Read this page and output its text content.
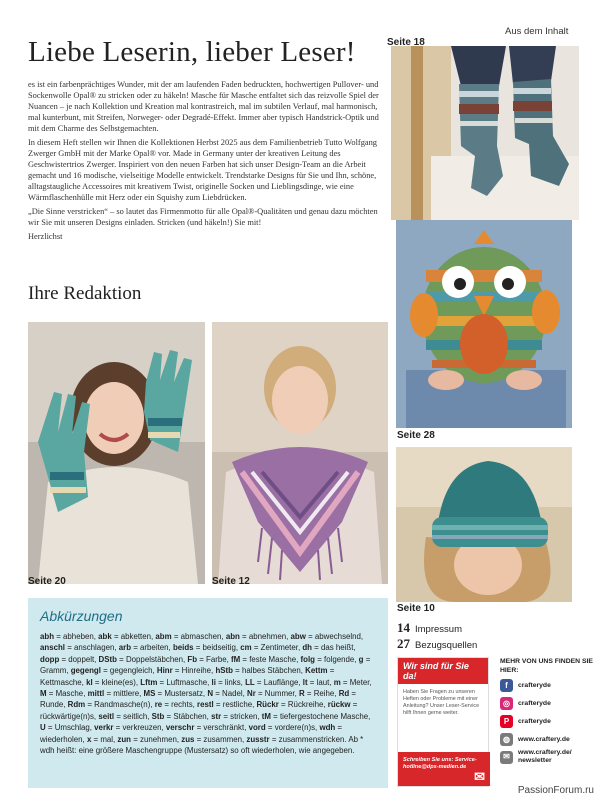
Aus dem Inhalt
Liebe Leserin, lieber Leser!

es ist ein farbenprächtiges Wunder, mit der am laufenden Faden bedruckten, hochwertigen Pullover- und Sockenwolle Opal® zu stricken oder zu häkeln! Masche für Masche entfaltet sich das reizvolle Spiel der Nuancen – je nach Kollektion und Kreation mal kontrastreich, mal im subtilen Verlauf, mal harmonisch, mal kunterbunt, mit Streifen, Norweger- oder Degradé-Effekt. Immer aber typisch Handstrick-Optik und mit dem Charme des Selbstgemachten.

In diesem Heft stellen wir Ihnen die Kollektionen Herbst 2025 aus dem Familienbetrieb Tutto Wolfgang Zwerger GmbH mit der Marke Opal® vor. Made in Germany unter der kreativen Leitung des Geschwistertrios Zwerger. Inspiriert von den neuen Farben hat sich unser Design-Team an die Arbeit gemacht und 16 modische, vielseitige Modelle entwickelt. Trendstarke Designs für Sie und Ihn, schöne, alltagstaugliche Accessoires mit kreativem Twist, originelle Socken und Lieblingsdinge, wie eine Wärmflaschenhülle mit Herz oder ein Squishy zum Liebdrücken.

„Die Sinne verstricken“ – so lautet das Firmenmotto für alle Opal®-Qualitäten und genau dazu möchten wir Sie mit unseren Designs einladen. Stricken (und häkeln!) Sie mit!

Herzlichst

Ihre Redaktion
Seite 18
Seite 28
Seite 10
Seite 20	Seite 12
Abkürzungen
abh = abheben, abk = abketten, abm = abmaschen, abn = abnehmen, abw = abwechselnd, anschl = anschlagen, arb = arbeiten, beids = beidseitig, cm = Zentimeter, dh = das heißt, dopp = doppelt, DStb = Doppelstäbchen, Fb = Farbe, fM = feste Masche, folg = folgende, g = Gramm, gegengl = gegengleich, Hinr = Hinreihe, hStb = halbes Stäbchen, Kettm = Kettmasche, kl = kleine(es), Lftm = Luftmasche, li = links, LL = Lauflänge, lt = laut, m = Meter, M = Masche, mittl = mittlere, MS = Mustersatz, N = Nadel, Nr = Nummer, R = Reihe, Rd = Runde, Rdm = Randmasche(n), re = rechts, restl = restliche, Rückr = Rückreihe, rückw = rückwärtige(n)s, seitl = seitlich, Stb = Stäbchen, str = stricken, tM = tiefergestochene Masche, U = Umschlag, verkr = verkreuzen, verschr = verschränkt, vord = vordere(n)s, wdh = wiederholen, x = mal, zun = zunehmen, zus = zusammen, zusstr = zusammenstricken. Ab * wdh heißt: eine größere Maschengruppe (Mustersatz) so oft wiederholen, wie angegeben.
14 Impressum
27 Bezugsquellen
Wir sind für Sie da!
Haben Sie Fragen zu unseren Heften oder Probleme mit einer Anleitung? Unser Leser-Service hilft Ihnen gerne weiter.
Schreiben Sie uns: Service-hotline@dps-medien.de
✉
MEHR VON UNS FINDEN SIE HIER:
f	crafteryde
◎	crafteryde
P	crafteryde
◍	www.craftery.de
✉	www.craftery.de/ newsletter
PassionForum.ru
